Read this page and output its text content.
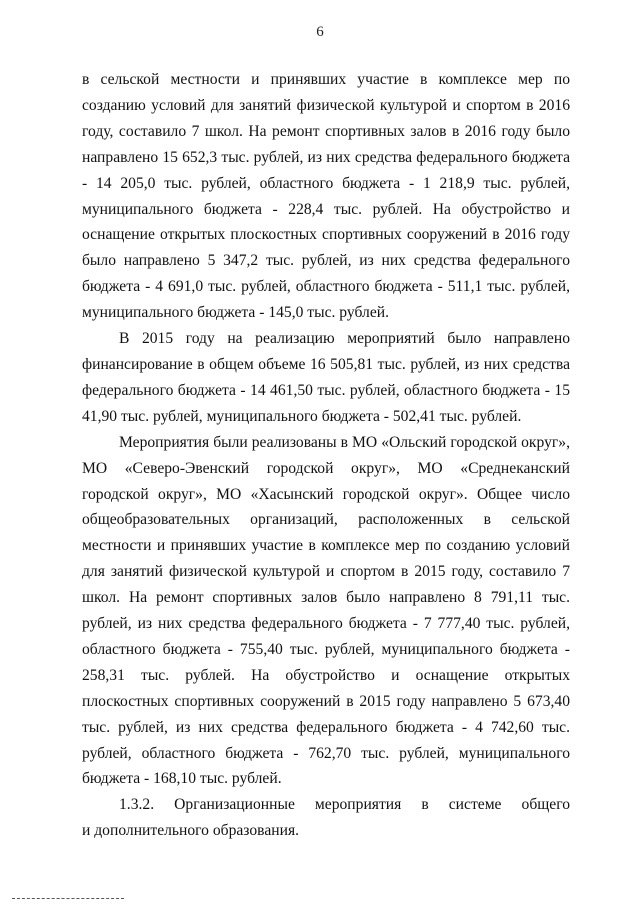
6

в сельской местности и принявших участие в комплексе мер по созданию условий для занятий физической культурой и спортом в 2016 году, составило 7 школ. На ремонт спортивных залов в 2016 году было направлено 15 652,3 тыс. рублей, из них средства федерального бюджета - 14 205,0 тыс. рублей, областного бюджета - 1 218,9 тыс. рублей, муниципального бюджета - 228,4 тыс. рублей. На обустройство и оснащение открытых плоскостных спортивных сооружений в 2016 году было направлено 5 347,2 тыс. рублей, из них средства федерального бюджета - 4 691,0 тыс. рублей, областного бюджета - 511,1 тыс. рублей, муниципального бюджета - 145,0 тыс. рублей.

В 2015 году на реализацию мероприятий было направлено финансирование в общем объеме 16 505,81 тыс. рублей, из них средства федерального бюджета - 14 461,50 тыс. рублей, областного бюджета - 15 41,90 тыс. рублей, муниципального бюджета - 502,41 тыс. рублей.

Мероприятия были реализованы в МО «Ольский городской округ», МО «Северо-Эвенский городской округ», МО «Среднеканский городской округ», МО «Хасынский городской округ». Общее число общеобразовательных организаций, расположенных в сельской местности и принявших участие в комплексе мер по созданию условий для занятий физической культурой и спортом в 2015 году, составило 7 школ. На ремонт спортивных залов было направлено 8 791,11 тыс. рублей, из них средства федерального бюджета - 7 777,40 тыс. рублей, областного бюджета - 755,40 тыс. рублей, муниципального бюджета - 258,31 тыс. рублей. На обустройство и оснащение открытых плоскостных спортивных сооружений в 2015 году направлено 5 673,40 тыс. рублей, из них средства федерального бюджета - 4 742,60 тыс. рублей, областного бюджета - 762,70 тыс. рублей, муниципального бюджета - 168,10 тыс. рублей.

1.3.2. Организационные мероприятия в системе общего

и дополнительного образования.
